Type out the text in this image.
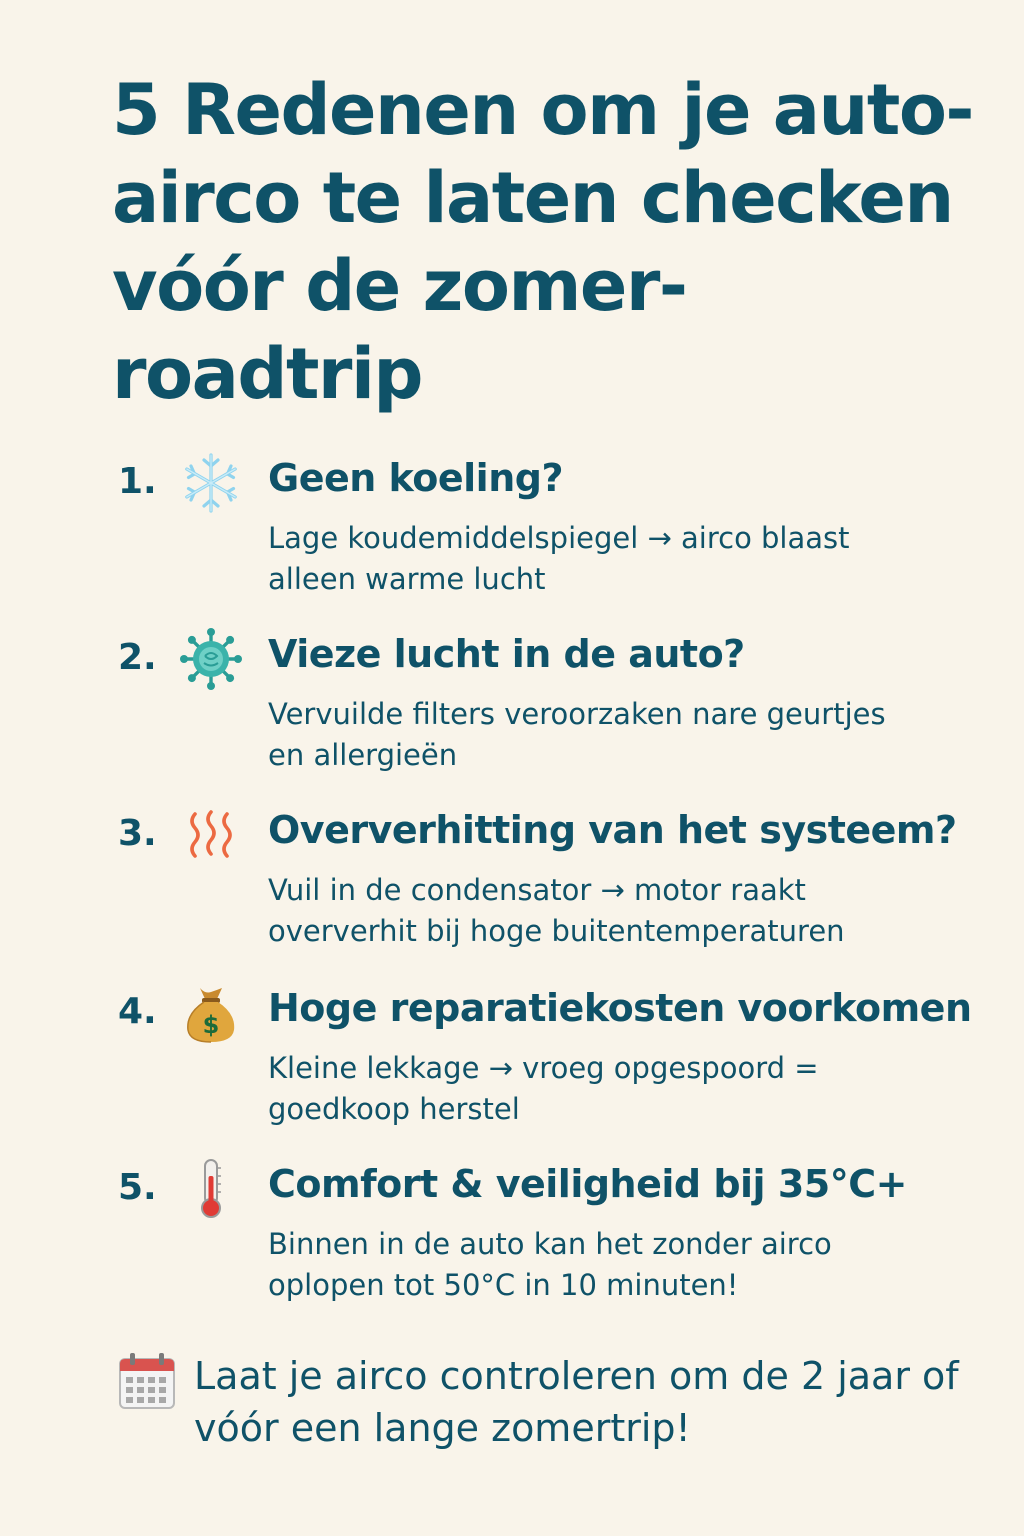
5 Redenen om je auto-airco te laten checken vóór de zomer-roadtrip
1.	Geen koeling?
Lage koudemiddelspiegel → airco blaast alleen warme lucht
2.	Vieze lucht in de auto?
Vervuilde filters veroorzaken nare geurtjes en allergieën
3.	Oververhitting van het systeem?
Vuil in de condensator → motor raakt oververhit bij hoge buitentemperaturen
4. $ Hoge reparatiekosten voorkomen
Kleine lekkage → vroeg opgespoord = goedkoop herstel
5.	Comfort & veiligheid bij 35°C+
Binnen in de auto kan het zonder airco oplopen tot 50°C in 10 minuten!
Laat je airco controleren om de 2 jaar of vóór een lange zomertrip!
